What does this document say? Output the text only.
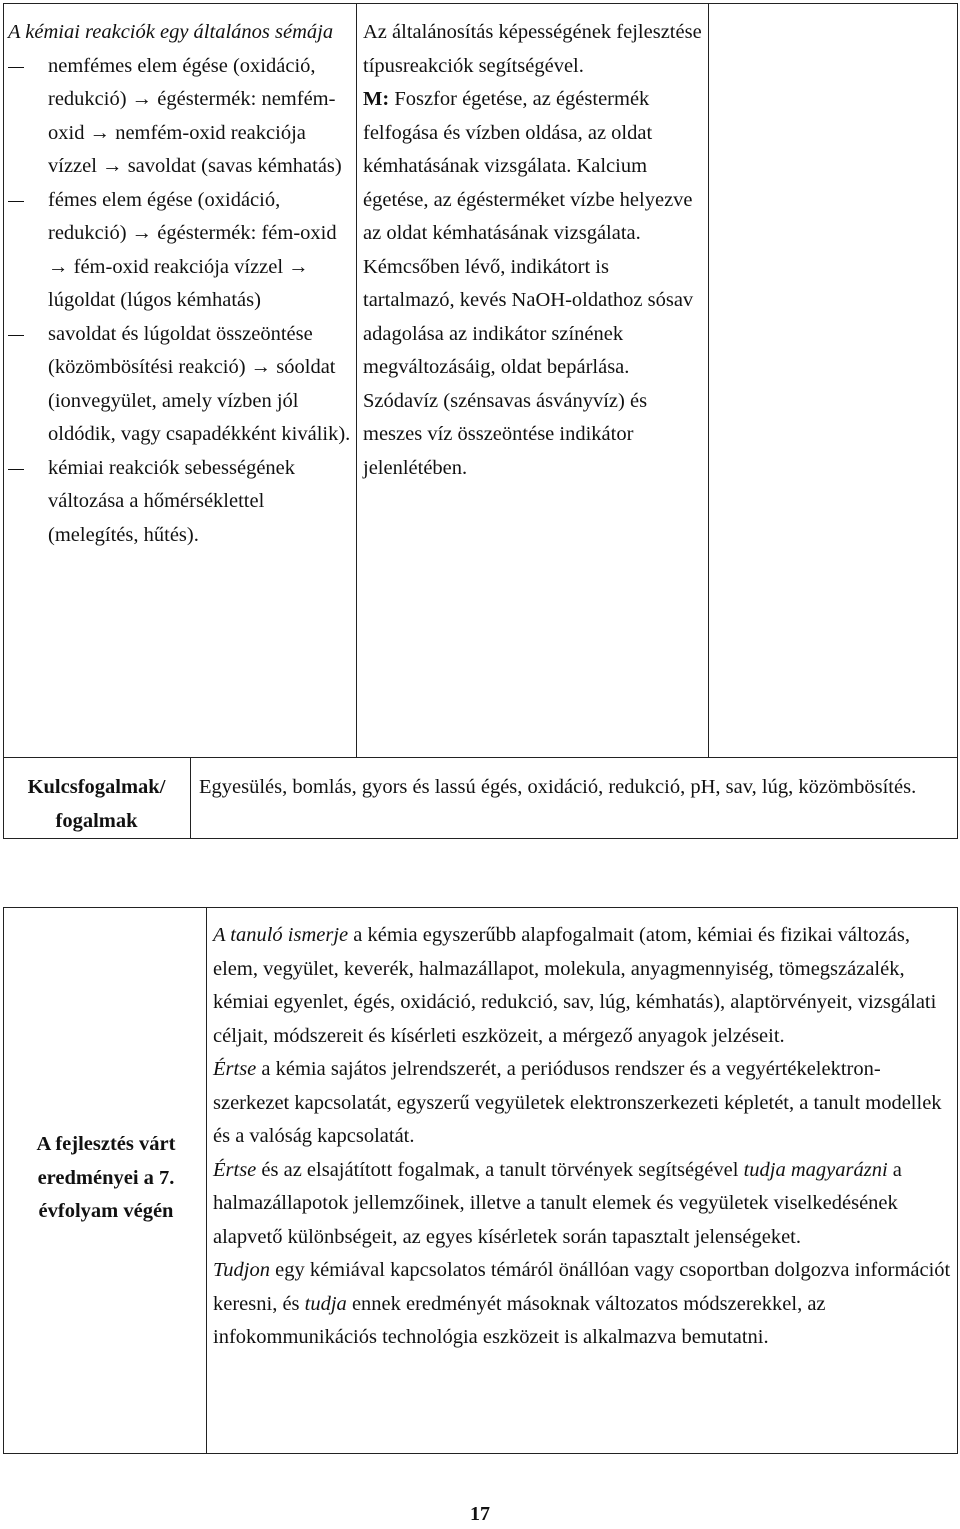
A kémiai reakciók egy általános sémája

nemfémes elem égése (oxidáció, redukció) → égéstermék: nemfém-oxid → nemfém-oxid reakciója vízzel → savoldat (savas kémhatás)
fémes elem égése (oxidáció, redukció) → égéstermék: fém-oxid → fém-oxid reakciója vízzel → lúgoldat (lúgos kémhatás)
savoldat és lúgoldat összeöntése (közömbösítési reakció) → sóoldat (ionvegyület, amely vízben jól oldódik, vagy csapadékként kiválik).
kémiai reakciók sebességének változása a hőmérséklettel (melegítés, hűtés).

Az általánosítás képességének fejlesztése típusreakciók segítségével.

M: Foszfor égetése, az égéstermék felfogása és vízben oldása, az oldat kémhatásának vizsgálata. Kalcium égetése, az égésterméket vízbe helyezve az oldat kémhatásának vizsgálata. Kémcsőben lévő, indikátort is tartalmazó, kevés NaOH-oldathoz sósav adagolása az indikátor színének megváltozásáig, oldat bepárlása. Szódavíz (szénsavas ásványvíz) és meszes víz összeöntése indikátor jelenlétében.

Kulcsfogalmak/
fogalmak
Egyesülés, bomlás, gyors és lassú égés, oxidáció, redukció, pH, sav, lúg, közömbösítés.
A fejlesztés várt eredményei a 7. évfolyam végén

A tanuló ismerje a kémia egyszerűbb alapfogalmait (atom, kémiai és fizikai változás, elem, vegyület, keverék, halmazállapot, molekula, anyagmennyiség, tömegszázalék, kémiai egyenlet, égés, oxidáció, redukció, sav, lúg, kémhatás), alaptörvényeit, vizsgálati céljait, módszereit és kísérleti eszközeit, a mérgező anyagok jelzéseit.

Értse a kémia sajátos jelrendszerét, a periódusos rendszer és a vegyértékelektron-szerkezet kapcsolatát, egyszerű vegyületek elektronszerkezeti képletét, a tanult modellek és a valóság kapcsolatát.

Értse és az elsajátított fogalmak, a tanult törvények segítségével tudja magyarázni a halmazállapotok jellemzőinek, illetve a tanult elemek és vegyületek viselkedésének alapvető különbségeit, az egyes kísérletek során tapasztalt jelenségeket.

Tudjon egy kémiával kapcsolatos témáról önállóan vagy csoportban dolgozva információt keresni, és tudja ennek eredményét másoknak változatos módszerekkel, az infokommunikációs technológia eszközeit is alkalmazva bemutatni.

17
